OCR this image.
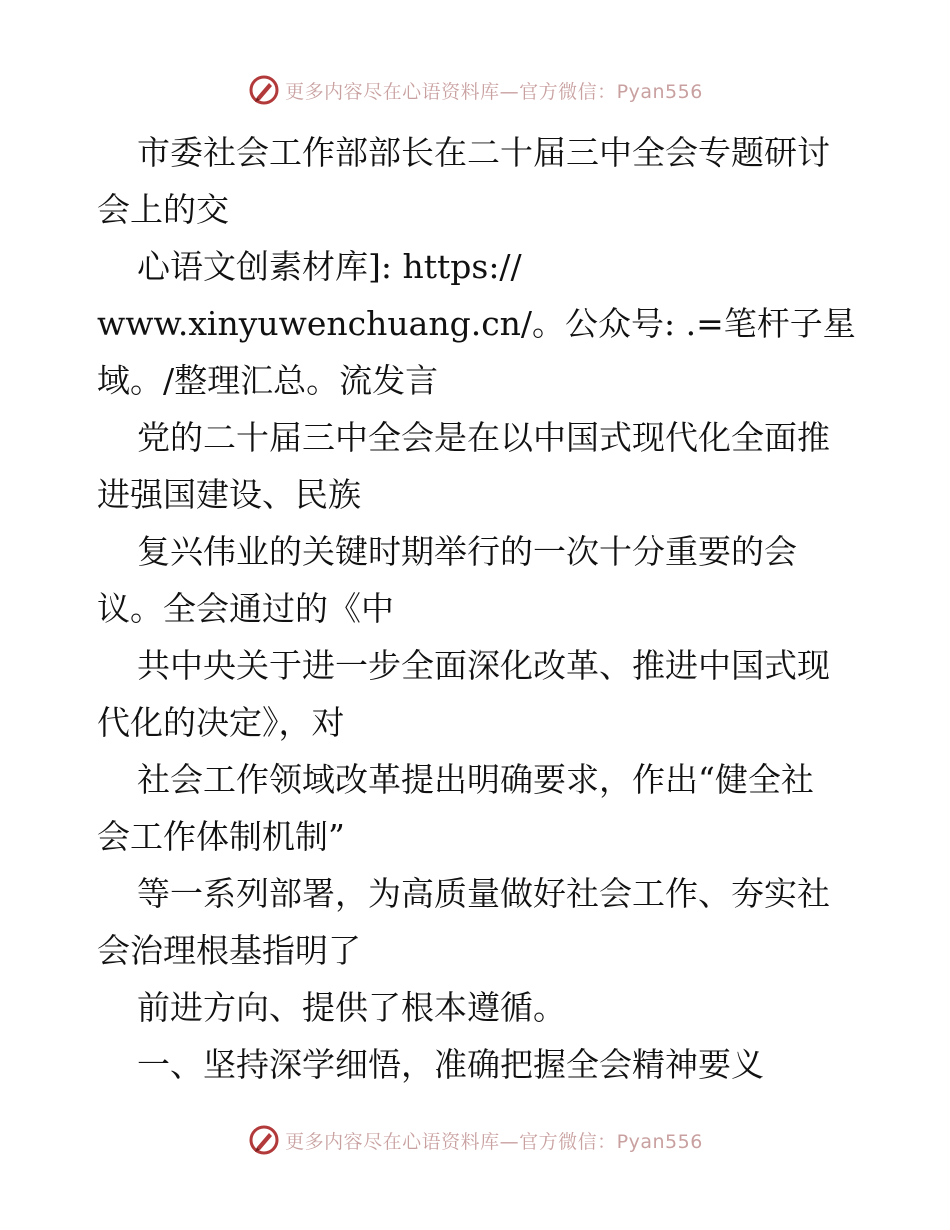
更多内容尽在心语资料库—官方微信：Pyan556

市委社会工作部部长在二十届三中全会专题研讨
会上的交

心语文创素材库]: https://
www.xinyuwenchuang.cn/。公众号: .=笔杆子星
域。/整理汇总。流发言

党的二十届三中全会是在以中国式现代化全面推
进强国建设、民族

复兴伟业的关键时期举行的一次十分重要的会
议。全会通过的《中

共中央关于进一步全面深化改革、推进中国式现
代化的决定》，对

社会工作领域改革提出明确要求，作出“健全社
会工作体制机制”

等一系列部署，为高质量做好社会工作、夯实社
会治理根基指明了

前进方向、提供了根本遵循。

一、坚持深学细悟，准确把握全会精神要义

更多内容尽在心语资料库—官方微信：Pyan556
